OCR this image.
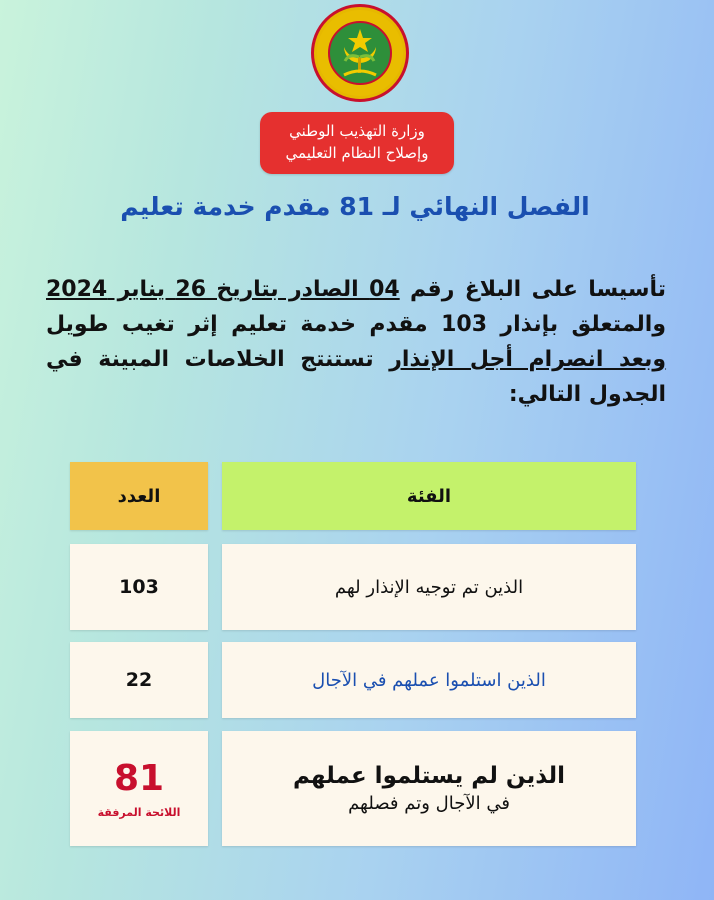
وزارة التهذيب الوطني
وإصلاح النظام التعليمي
الفصل النهائي لـ 81 مقدم خدمة تعليم
تأسيسا على البلاغ رقم 04 الصادر بتاريخ 26 يناير 2024 والمتعلق بإنذار 103 مقدم خدمة تعليم إثر تغيب طويل وبعد انصرام أجل الإنذار تستنتج الخلاصات المبينة في الجدول التالي:
الفئة
العدد
الذين تم توجيه الإنذار لهم
103
الذين استلموا عملهم في الآجال
22
الذين لم يستلموا عملهم
في الآجال وتم فصلهم
81
اللائحة المرفقة
